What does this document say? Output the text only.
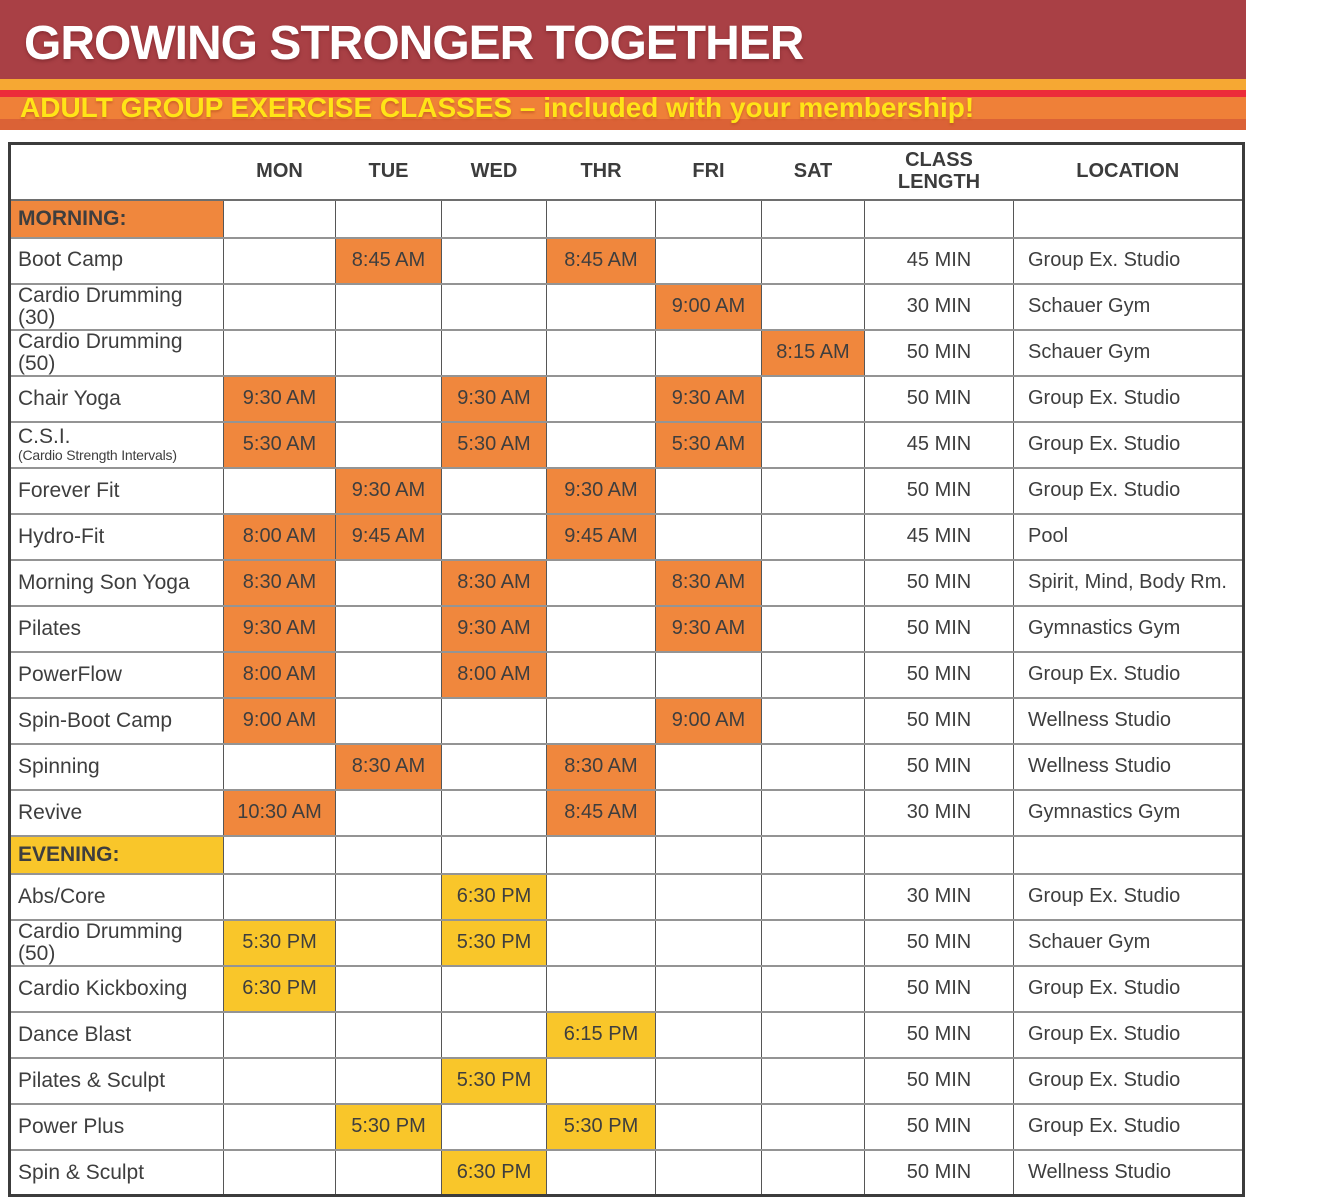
GROWING STRONGER TOGETHER
ADULT GROUP EXERCISE CLASSES – included with your membership!
	MON	TUE	WED	THR	FRI	SAT	CLASS LENGTH	LOCATION
MORNING:								
Boot Camp		8:45 AM		8:45 AM			45 MIN	Group Ex. Studio
Cardio Drumming (30)					9:00 AM		30 MIN	Schauer Gym
Cardio Drumming (50)						8:15 AM	50 MIN	Schauer Gym
Chair Yoga	9:30 AM		9:30 AM		9:30 AM		50 MIN	Group Ex. Studio
C.S.I.
(Cardio Strength Intervals)	5:30 AM		5:30 AM		5:30 AM		45 MIN	Group Ex. Studio
Forever Fit		9:30 AM		9:30 AM			50 MIN	Group Ex. Studio
Hydro-Fit	8:00 AM	9:45 AM		9:45 AM			45 MIN	Pool
Morning Son Yoga	8:30 AM		8:30 AM		8:30 AM		50 MIN	Spirit, Mind, Body Rm.
Pilates	9:30 AM		9:30 AM		9:30 AM		50 MIN	Gymnastics Gym
PowerFlow	8:00 AM		8:00 AM				50 MIN	Group Ex. Studio
Spin-Boot Camp	9:00 AM				9:00 AM		50 MIN	Wellness Studio
Spinning		8:30 AM		8:30 AM			50 MIN	Wellness Studio
Revive	10:30 AM			8:45 AM			30 MIN	Gymnastics Gym
EVENING:								
Abs/Core			6:30 PM				30 MIN	Group Ex. Studio
Cardio Drumming (50)	5:30 PM		5:30 PM				50 MIN	Schauer Gym
Cardio Kickboxing	6:30 PM						50 MIN	Group Ex. Studio
Dance Blast				6:15 PM			50 MIN	Group Ex. Studio
Pilates & Sculpt			5:30 PM				50 MIN	Group Ex. Studio
Power Plus		5:30 PM		5:30 PM			50 MIN	Group Ex. Studio
Spin & Sculpt			6:30 PM				50 MIN	Wellness Studio
